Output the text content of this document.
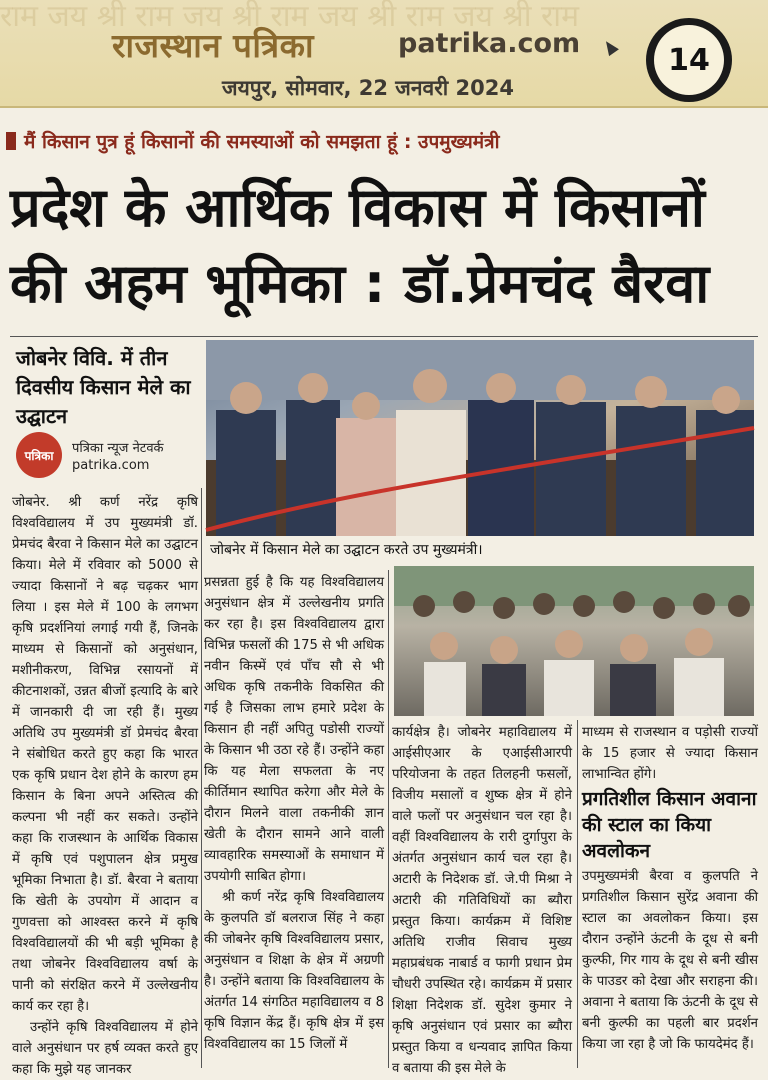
राम जय श्री राम जय श्री राम जय श्री राम जय श्री राम
राजस्थान पत्रिका	patrika.com
जयपुर, सोमवार, 22 जनवरी 2024
14
मैं किसान पुत्र हूं किसानों की समस्याओं को समझता हूं : उपमुख्यमंत्री
प्रदेश के आर्थिक विकास में किसानों
की अहम भूमिका : डॉ.प्रेमचंद बैरवा
जोबनेर विवि. में तीन दिवसीय किसान मेले का उद्घाटन
पत्रिका	पत्रिका न्यूज नेटवर्क
patrika.com
जोबनेर में किसान मेले का उद्घाटन करते उप मुख्यमंत्री।

जोबनेर. श्री कर्ण नरेंद्र कृषि विश्वविद्यालय में उप मुख्यमंत्री डॉ. प्रेमचंद बैरवा ने किसान मेले का उद्घाटन किया। मेले में रविवार को 5000 से ज्यादा किसानों ने बढ़ चढ़कर भाग लिया । इस मेले में 100 के लगभग कृषि प्रदर्शनियां लगाई गयी हैं, जिनके माध्यम से किसानों को अनुसंधान, मशीनीकरण, विभिन्न रसायनों में कीटनाशकों, उन्नत बीजों इत्यादि के बारे में जानकारी दी जा रही हैं। मुख्य अतिथि उप मुख्यमंत्री डॉ प्रेमचंद बैरवा ने संबोधित करते हुए कहा कि भारत एक कृषि प्रधान देश होने के कारण हम किसान के बिना अपने अस्तित्व की कल्पना भी नहीं कर सकते। उन्होंने कहा कि राजस्थान के आर्थिक विकास में कृषि एवं पशुपालन क्षेत्र प्रमुख भूमिका निभाता है। डॉ. बैरवा ने बताया कि खेती के उपयोग में आदान व गुणवत्ता को आश्वस्त करने में कृषि विश्वविद्यालयों की भी बड़ी भूमिका है तथा जोबनेर विश्वविद्यालय वर्षा के पानी को संरक्षित करने में उल्लेखनीय कार्य कर रहा है।

उन्होंने कृषि विश्वविद्यालय में होने वाले अनुसंधान पर हर्ष व्यक्त करते हुए कहा कि मुझे यह जानकर

प्रसन्नता हुई है कि यह विश्वविद्यालय अनुसंधान क्षेत्र में उल्लेखनीय प्रगति कर रहा है। इस विश्वविद्यालय द्वारा विभिन्न फसलों की 175 से भी अधिक नवीन किस्में एवं पाँच सौ से भी अधिक कृषि तकनीके विकसित की गई है जिसका लाभ हमारे प्रदेश के किसान ही नहीं अपितु पडोसी राज्यों के किसान भी उठा रहे हैं। उन्होंने कहा कि यह मेला सफलता के नए कीर्तिमान स्थापित करेगा और मेले के दौरान मिलने वाला तकनीकी ज्ञान खेती के दौरान सामने आने वाली व्यावहारिक समस्याओं के समाधान में उपयोगी साबित होगा।

श्री कर्ण नरेंद्र कृषि विश्वविद्यालय के कुलपति डॉ बलराज सिंह ने कहा की जोबनेर कृषि विश्वविद्यालय प्रसार, अनुसंधान व शिक्षा के क्षेत्र में अग्रणी है। उन्होंने बताया कि विश्वविद्यालय के अंतर्गत 14 संगठित महाविद्यालय व 8 कृषि विज्ञान केंद्र हैं। कृषि क्षेत्र में इस विश्वविद्यालय का 15 जिलों में

कार्यक्षेत्र है। जोबनेर महाविद्यालय में आईसीएआर के एआईसीआरपी परियोजना के तहत तिलहनी फसलों, विजीय मसालों व शुष्क क्षेत्र में होने वाले फलों पर अनुसंधान चल रहा है। वहीं विश्वविद्यालय के रारी दुर्गापुरा के अंतर्गत अनुसंधान कार्य चल रहा है। अटारी के निदेशक डॉ. जे.पी मिश्रा ने अटारी की गतिविधियों का ब्यौरा प्रस्तुत किया। कार्यक्रम में विशिष्ट अतिथि राजीव सिवाच मुख्य महाप्रबंधक नाबार्ड व फागी प्रधान प्रेम चौधरी उपस्थित रहे। कार्यक्रम में प्रसार शिक्षा निदेशक डॉ. सुदेश कुमार ने कृषि अनुसंधान एवं प्रसार का ब्यौरा प्रस्तुत किया व धन्यवाद ज्ञापित किया व बताया की इस मेले के

माध्यम से राजस्थान व पड़ोसी राज्यों के 15 हजार से ज्यादा किसान लाभान्वित होंगे।

प्रगतिशील किसान अवाना की स्टाल का किया अवलोकन

उपमुख्यमंत्री बैरवा व कुलपति ने प्रगतिशील किसान सुरेंद्र अवाना की स्टाल का अवलोकन किया। इस दौरान उन्होंने ऊंटनी के दूध से बनी कुल्फी, गिर गाय के दूध से बनी खीस के पाउडर को देखा और सराहना की। अवाना ने बताया कि ऊंटनी के दूध से बनी कुल्फी का पहली बार प्रदर्शन किया जा रहा है जो कि फायदेमंद हैं।
